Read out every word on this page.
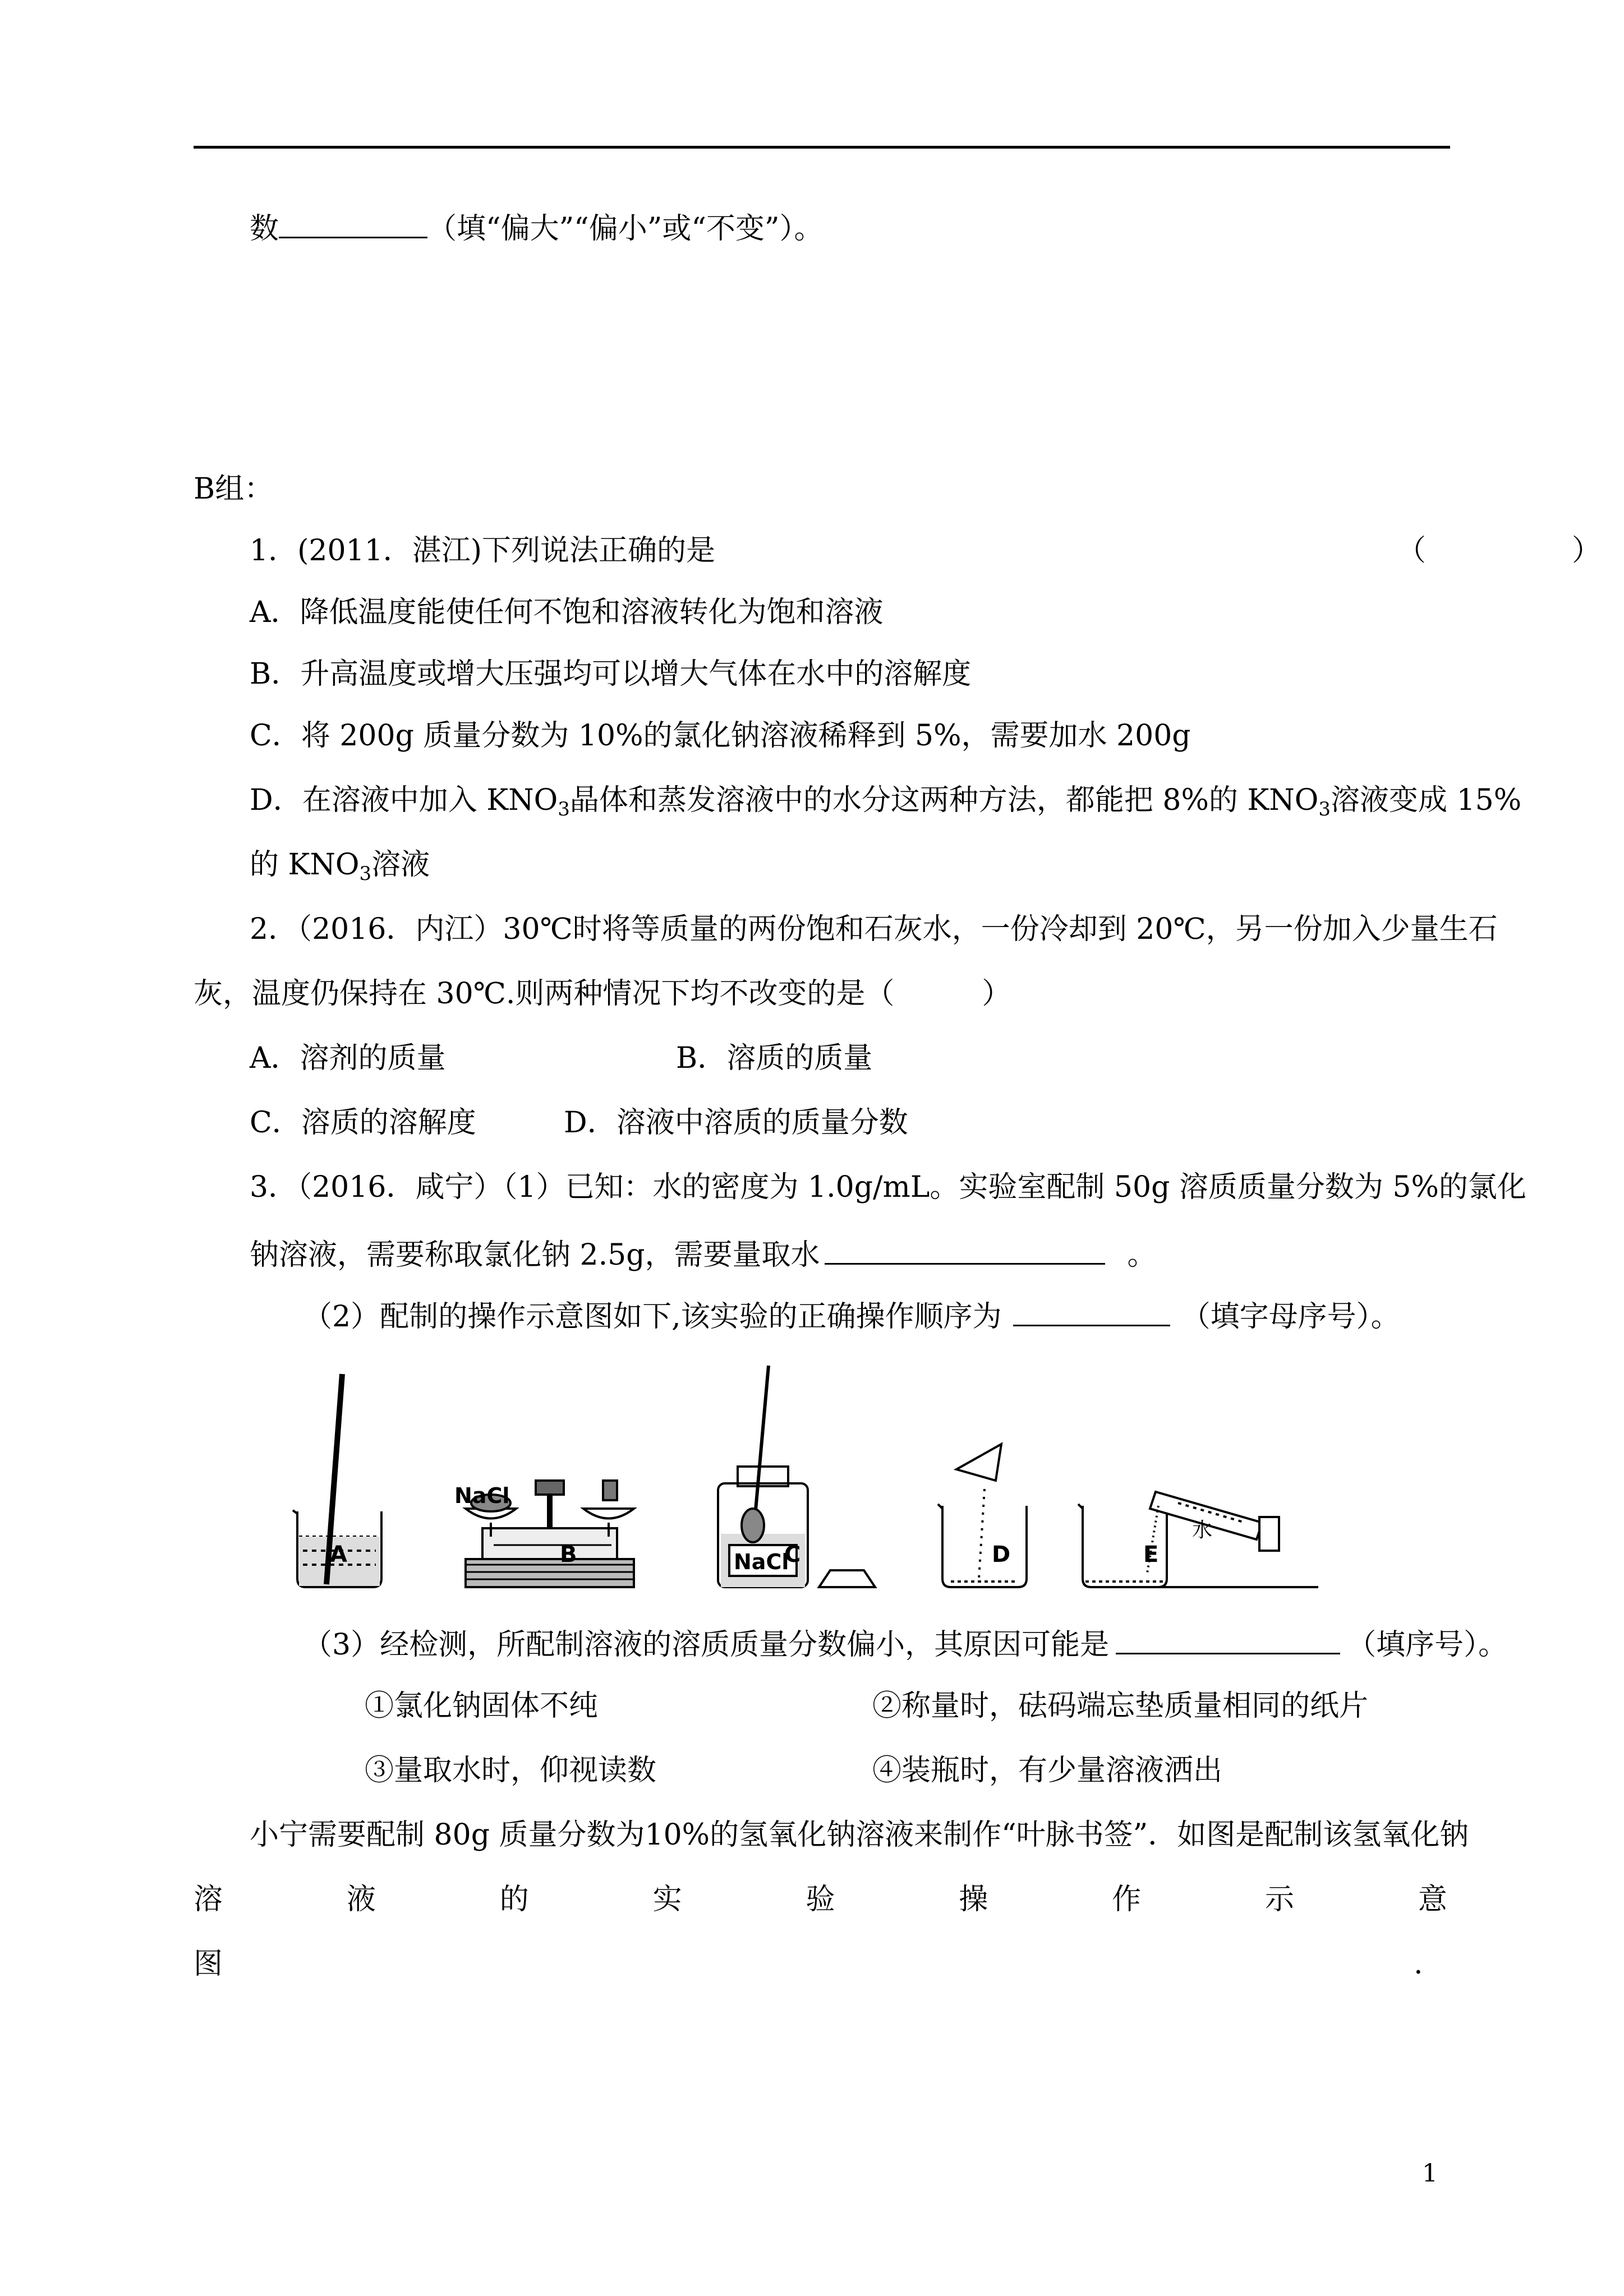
数	（填“偏大”“偏小”或“不变”）。
B组：
1．(2011．湛江)下列说法正确的是	（　　　　　）
A．降低温度能使任何不饱和溶液转化为饱和溶液
B．升高温度或增大压强均可以增大气体在水中的溶解度
C．将 200g 质量分数为 10%的氯化钠溶液稀释到 5%，需要加水 200g
D．在溶液中加入 $KNO_3$晶体和蒸发溶液中的水分这两种方法，都能把 8%的 $KNO_3$溶液变成 15%
的 $KNO_3$溶液
2．（2016．内江）30℃时将等质量的两份饱和石灰水，一份冷却到 20℃，另一份加入少量生石
灰，温度仍保持在 30℃.则两种情况下均不改变的是（　　　）
A．溶剂的质量	B．溶质的质量
C．溶质的溶解度	D．溶液中溶质的质量分数
3．（2016．咸宁）（1）已知：水的密度为 1.0g/mL。实验室配制 50g 溶质质量分数为 5%的氯化
钠溶液，需要称取氯化钠 2.5g，需要量取水	。
（2）配制的操作示意图如下,该实验的正确操作顺序为	（填字母序号）。
NaCl
NaCl
水
A	B	C	D	E
（3）经检测，所配制溶液的溶质质量分数偏小，其原因可能是	（填序号）。
①氯化钠固体不纯	②称量时，砝码端忘垫质量相同的纸片
③量取水时，仰视读数	④装瓶时，有少量溶液洒出
小宁需要配制 80g 质量分数为10%的氢氧化钠溶液来制作“叶脉书签”．如图是配制该氢氧化钠
溶	液	的	实	验	操	作	示	意
图	.
1
